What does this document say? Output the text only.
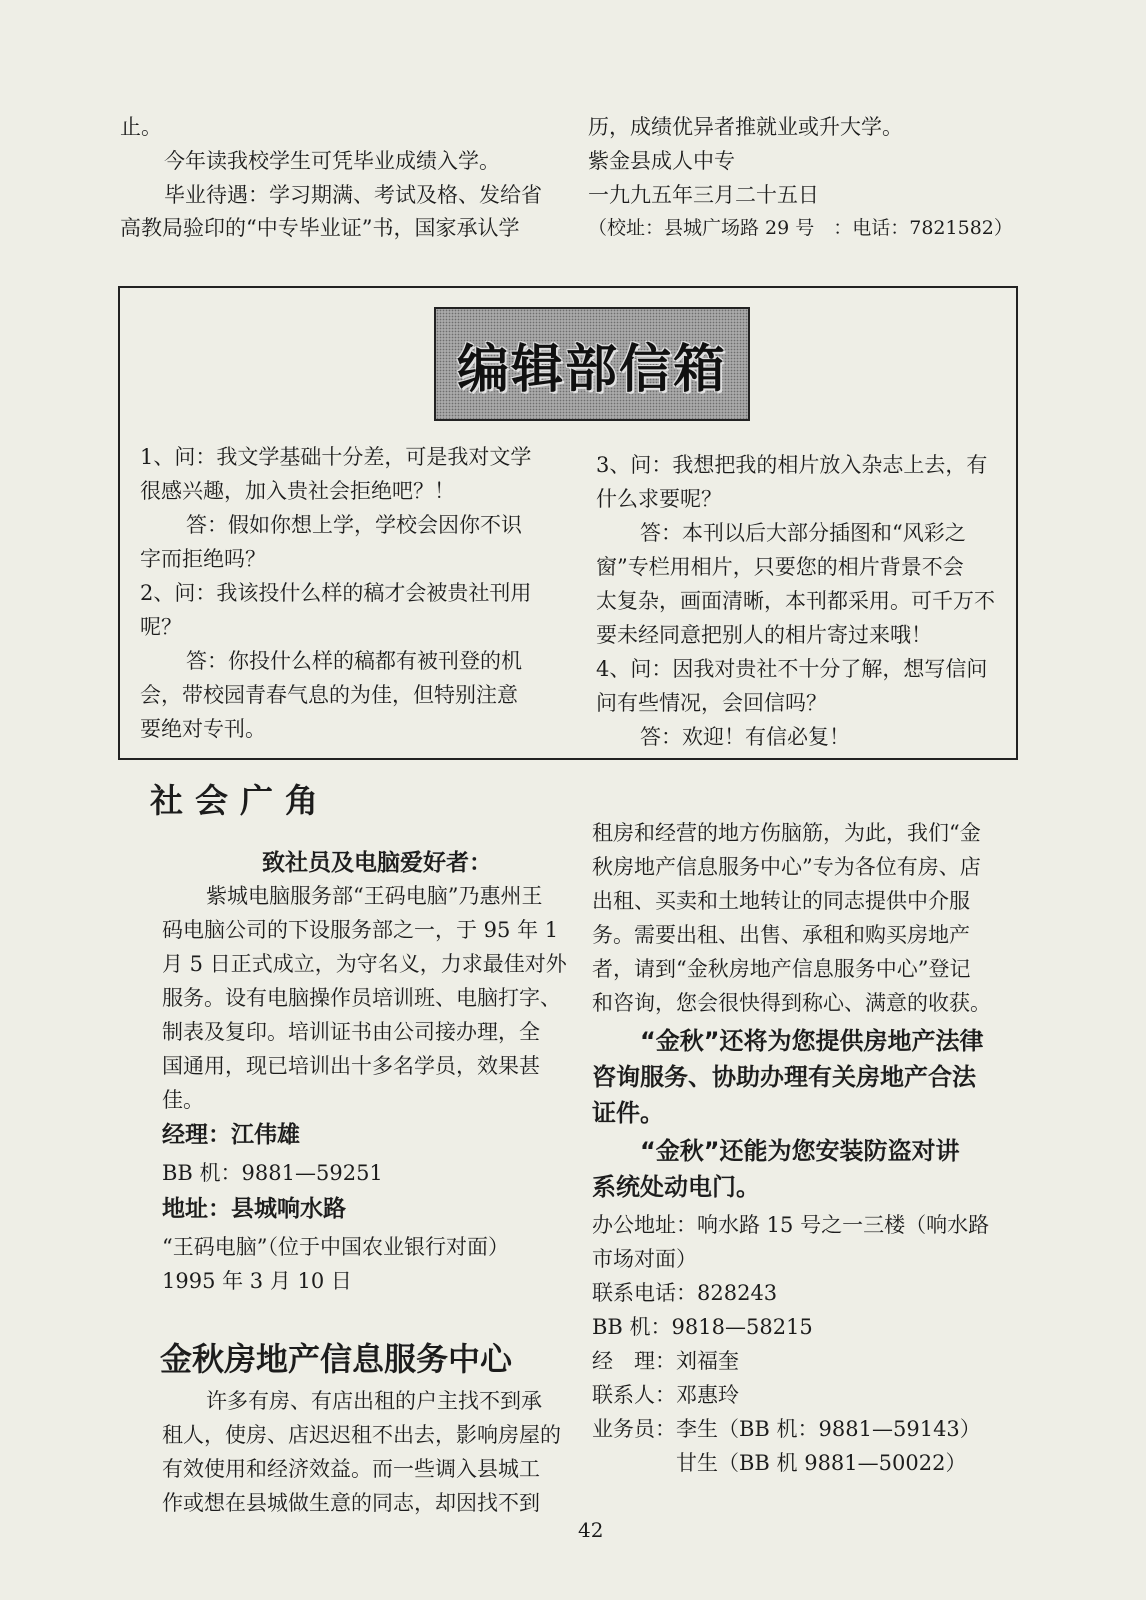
止。
今年读我校学生可凭毕业成绩入学。
毕业待遇：学习期满、考试及格、发给省
高教局验印的“中专毕业证”书，国家承认学
历，成绩优异者推就业或升大学。
紫金县成人中专
一九九五年三月二十五日
（校址：县城广场路 29 号　：电话：7821582）
编辑部信箱
1、问：我文学基础十分差，可是我对文学
很感兴趣，加入贵社会拒绝吧？！
答：假如你想上学，学校会因你不识
字而拒绝吗？
2、问：我该投什么样的稿才会被贵社刊用
呢？
答：你投什么样的稿都有被刊登的机
会，带校园青春气息的为佳，但特别注意
要绝对专刊。
3、问：我想把我的相片放入杂志上去，有
什么求要呢？
答：本刊以后大部分插图和“风彩之
窗”专栏用相片，只要您的相片背景不会
太复杂，画面清晰，本刊都采用。可千万不
要未经同意把别人的相片寄过来哦！
4、问：因我对贵社不十分了解，想写信问
问有些情况，会回信吗？
答：欢迎！有信必复！
社会广角
致社员及电脑爱好者：
紫城电脑服务部“王码电脑”乃惠州王
码电脑公司的下设服务部之一，于 95 年 1
月 5 日正式成立，为守名义，力求最佳对外
服务。设有电脑操作员培训班、电脑打字、
制表及复印。培训证书由公司接办理，全
国通用，现已培训出十多名学员，效果甚
佳。
经理：江伟雄
BB 机：9881—59251
地址：县城响水路
“王码电脑”（位于中国农业银行对面）
1995 年 3 月 10 日
金秋房地产信息服务中心
许多有房、有店出租的户主找不到承
租人，使房、店迟迟租不出去，影响房屋的
有效使用和经济效益。而一些调入县城工
作或想在县城做生意的同志，却因找不到
租房和经营的地方伤脑筋，为此，我们“金
秋房地产信息服务中心”专为各位有房、店
出租、买卖和土地转让的同志提供中介服
务。需要出租、出售、承租和购买房地产
者，请到“金秋房地产信息服务中心”登记
和咨询，您会很快得到称心、满意的收获。
“金秋”还将为您提供房地产法律
咨询服务、协助办理有关房地产合法
证件。
“金秋”还能为您安装防盗对讲
系统处动电门。
办公地址：响水路 15 号之一三楼（响水路
市场对面）
联系电话：828243
BB 机：9818—58215
经　理：刘福奎
联系人：邓惠玲
业务员：李生（BB 机：9881—59143）
甘生（BB 机 9881—50022）
42
